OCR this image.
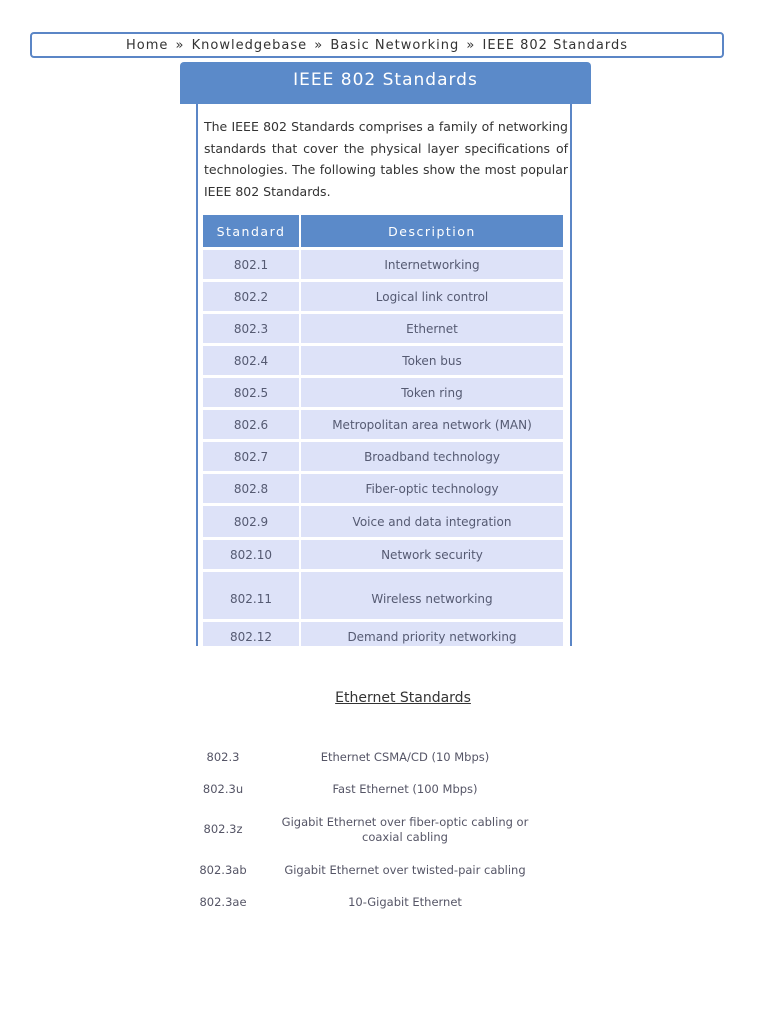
Home » Knowledgebase » Basic Networking » IEEE 802 Standards
IEEE 802 Standards

The IEEE 802 Standards comprises a family of networking standards that cover the physical layer specifications of technologies. The following tables show the most popular IEEE 802 Standards.

Standard	Description
802.1	Internetworking
802.2	Logical link control
802.3	Ethernet
802.4	Token bus
802.5	Token ring
802.6	Metropolitan area network (MAN)
802.7	Broadband technology
802.8	Fiber-optic technology
802.9	Voice and data integration
802.10	Network security
802.11	Wireless networking
802.12	Demand priority networking
Ethernet Standards
802.3	Ethernet CSMA/CD (10 Mbps)
802.3u	Fast Ethernet (100 Mbps)
802.3z	Gigabit Ethernet over fiber-optic cabling or coaxial cabling
802.3ab	Gigabit Ethernet over twisted-pair cabling
802.3ae	10-Gigabit Ethernet
